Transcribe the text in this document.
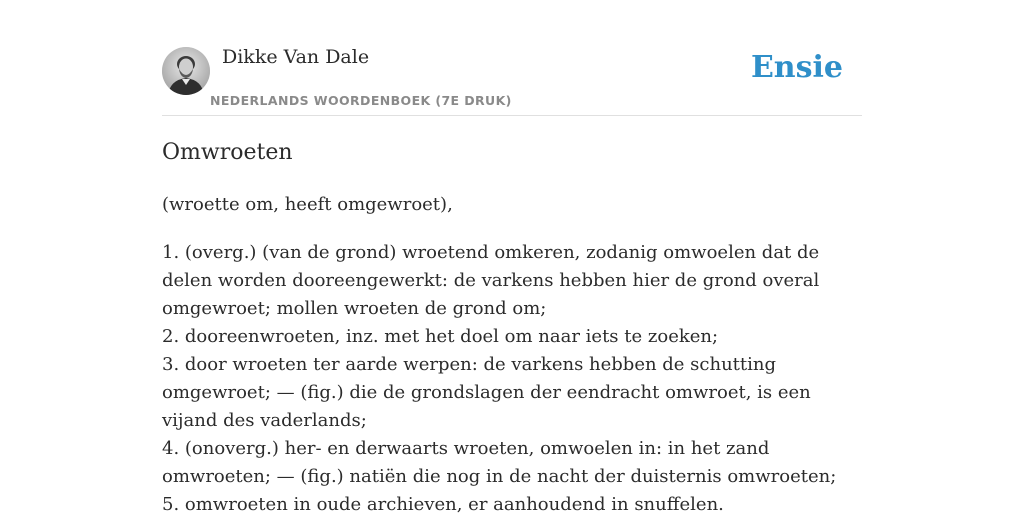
Dikke Van Dale
NEDERLANDS WOORDENBOEK (7E DRUK)
Ensie
Omwroeten
(wroette om, heeft omgewroet),
1. (overg.) (van de grond) wroetend omkeren, zodanig omwoelen dat de delen worden dooreengewerkt: de varkens hebben hier de grond overal omgewroet; mollen wroeten de grond om;
2. dooreenwroeten, inz. met het doel om naar iets te zoeken;
3. door wroeten ter aarde werpen: de varkens hebben de schutting omgewroet; — (fig.) die de grondslagen der eendracht omwroet, is een vijand des vaderlands;
4. (onoverg.) her- en derwaarts wroeten, omwoelen in: in het zand omwroeten; — (fig.) natiën die nog in de nacht der duisternis omwroeten;
5. omwroeten in oude archieven, er aanhoudend in snuffelen.
